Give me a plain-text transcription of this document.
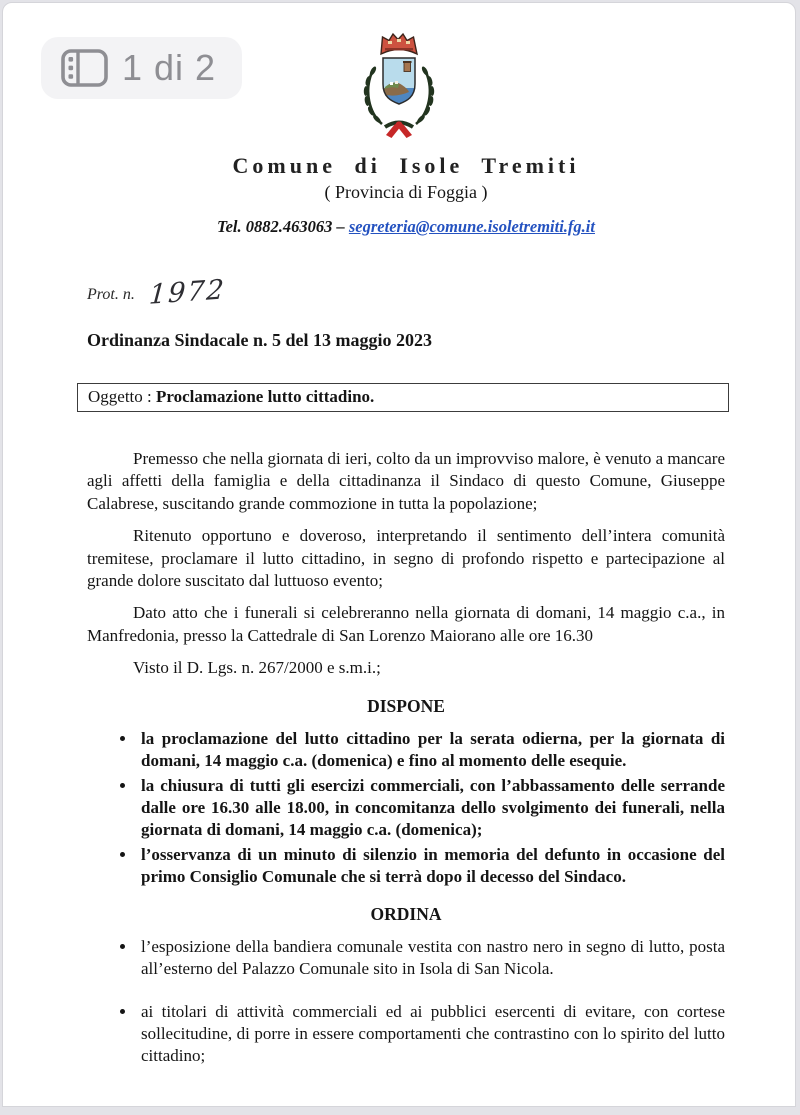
1 di 2
Comune di Isole Tremiti
( Provincia di Foggia )
Tel. 0882.463063 – segreteria@comune.isoletremiti.fg.it
Prot. n. 1972
Ordinanza Sindacale n. 5 del 13 maggio 2023
Oggetto : Proclamazione lutto cittadino.

Premesso che nella giornata di ieri, colto da un improvviso malore, è venuto a mancare agli affetti della famiglia e della cittadinanza il Sindaco di questo Comune, Giuseppe Calabrese, suscitando grande commozione in tutta la popolazione;

Ritenuto opportuno e doveroso, interpretando il sentimento dell’intera comunità tremitese, proclamare il lutto cittadino, in segno di profondo rispetto e partecipazione al grande dolore suscitato dal luttuoso evento;

Dato atto che i funerali si celebreranno nella giornata di domani, 14 maggio c.a., in Manfredonia, presso la Cattedrale di San Lorenzo Maiorano alle ore 16.30

Visto il D. Lgs. n. 267/2000 e s.m.i.;

DISPONE
• la proclamazione del lutto cittadino per la serata odierna, per la giornata di domani, 14 maggio c.a. (domenica) e fino al momento delle esequie.
• la chiusura di tutti gli esercizi commerciali, con l’abbassamento delle serrande dalle ore 16.30 alle 18.00, in concomitanza dello svolgimento dei funerali, nella giornata di domani, 14 maggio c.a. (domenica);
• l’osservanza di un minuto di silenzio in memoria del defunto in occasione del primo Consiglio Comunale che si terrà dopo il decesso del Sindaco.
ORDINA
• l’esposizione della bandiera comunale vestita con nastro nero in segno di lutto, posta all’esterno del Palazzo Comunale sito in Isola di San Nicola.
• ai titolari di attività commerciali ed ai pubblici esercenti di evitare, con cortese sollecitudine, di porre in essere comportamenti che contrastino con lo spirito del lutto cittadino;
